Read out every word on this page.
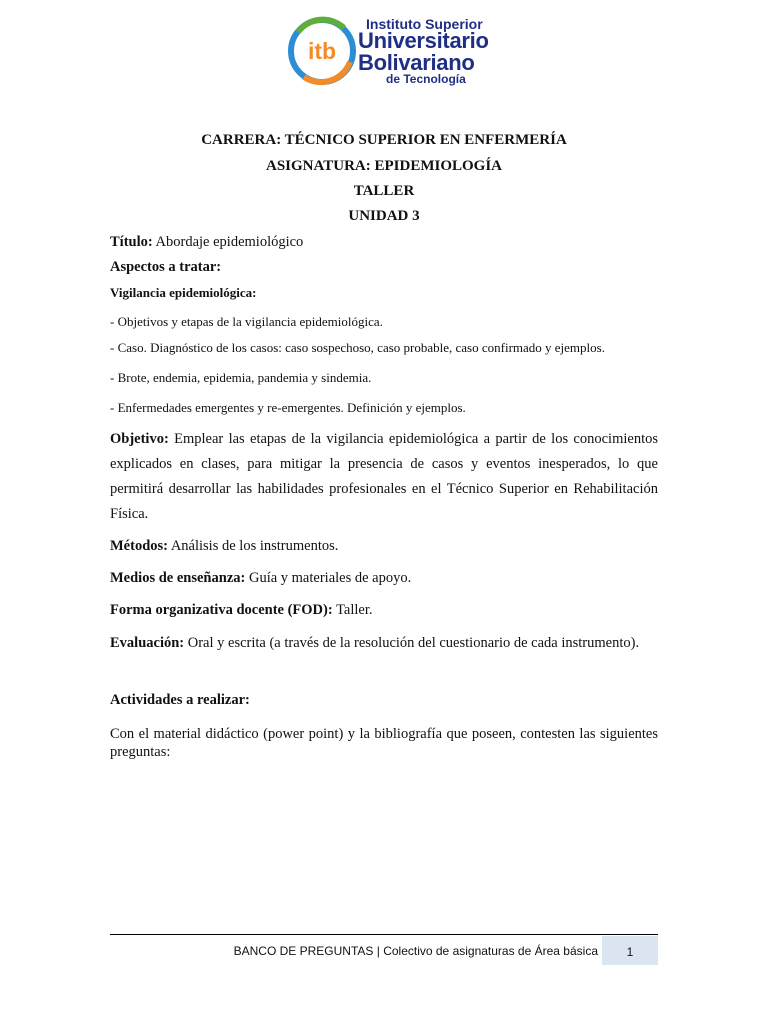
itb
Instituto Superior
Universitario
Bolivariano
de Tecnología
CARRERA: TÉCNICO SUPERIOR EN ENFERMERÍA
ASIGNATURA: EPIDEMIOLOGÍA
TALLER
UNIDAD 3
Título: Abordaje epidemiológico
Aspectos a tratar:
Vigilancia epidemiológica:
- Objetivos y etapas de la vigilancia epidemiológica.
- Caso. Diagnóstico de los casos: caso sospechoso, caso probable, caso confirmado y ejemplos.
- Brote, endemia, epidemia, pandemia y sindemia.
- Enfermedades emergentes y re-emergentes. Definición y ejemplos.
Objetivo: Emplear las etapas de la vigilancia epidemiológica a partir de los conocimientos explicados en clases, para mitigar la presencia de casos y eventos inesperados, lo que permitirá desarrollar las habilidades profesionales en el Técnico Superior en Rehabilitación Física.
Métodos: Análisis de los instrumentos.
Medios de enseñanza: Guía y materiales de apoyo.
Forma organizativa docente (FOD): Taller.
Evaluación: Oral y escrita (a través de la resolución del cuestionario de cada instrumento).
Actividades a realizar:
Con el material didáctico (power point) y la bibliografía que poseen, contesten las siguientes preguntas:
BANCO DE PREGUNTAS | Colectivo de asignaturas de Área básica	1
